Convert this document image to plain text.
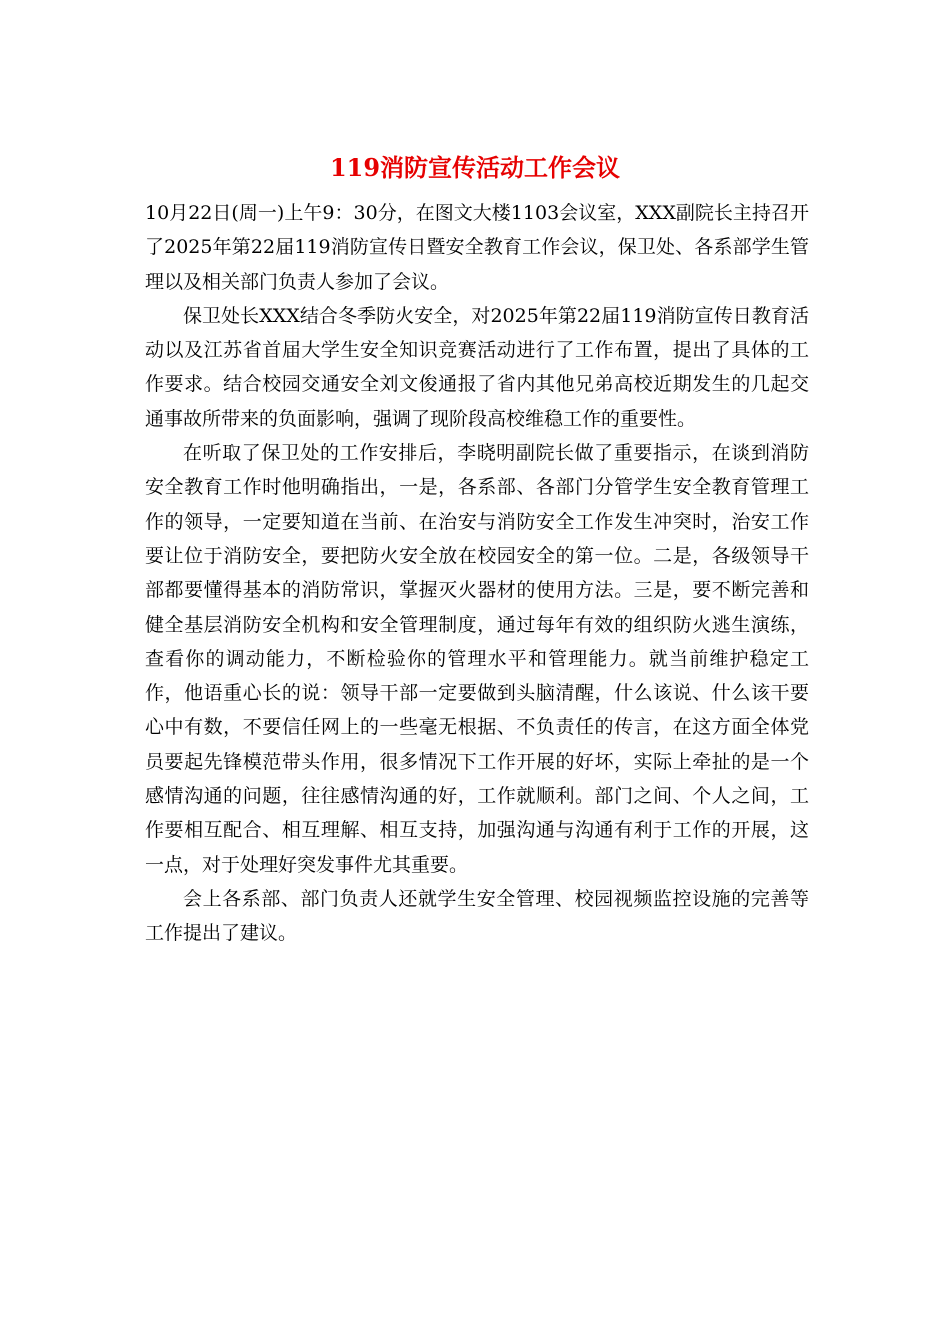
119消防宣传活动工作会议

10月22日(周一)上午9：30分，在图文大楼1103会议室，XXX副院长主持召开了2025年第22届119消防宣传日暨安全教育工作会议，保卫处、各系部学生管理以及相关部门负责人参加了会议。

保卫处长XXX结合冬季防火安全，对2025年第22届119消防宣传日教育活动以及江苏省首届大学生安全知识竞赛活动进行了工作布置，提出了具体的工作要求。结合校园交通安全刘文俊通报了省内其他兄弟高校近期发生的几起交通事故所带来的负面影响，强调了现阶段高校维稳工作的重要性。

在听取了保卫处的工作安排后，李晓明副院长做了重要指示，在谈到消防安全教育工作时他明确指出，一是，各系部、各部门分管学生安全教育管理工作的领导，一定要知道在当前、在治安与消防安全工作发生冲突时，治安工作要让位于消防安全，要把防火安全放在校园安全的第一位。二是，各级领导干部都要懂得基本的消防常识，掌握灭火器材的使用方法。三是，要不断完善和健全基层消防安全机构和安全管理制度，通过每年有效的组织防火逃生演练，查看你的调动能力，不断检验你的管理水平和管理能力。就当前维护稳定工作，他语重心长的说：领导干部一定要做到头脑清醒，什么该说、什么该干要心中有数，不要信任网上的一些毫无根据、不负责任的传言，在这方面全体党员要起先锋模范带头作用，很多情况下工作开展的好坏，实际上牵扯的是一个感情沟通的问题，往往感情沟通的好，工作就顺利。部门之间、个人之间，工作要相互配合、相互理解、相互支持，加强沟通与沟通有利于工作的开展，这一点，对于处理好突发事件尤其重要。

会上各系部、部门负责人还就学生安全管理、校园视频监控设施的完善等工作提出了建议。
